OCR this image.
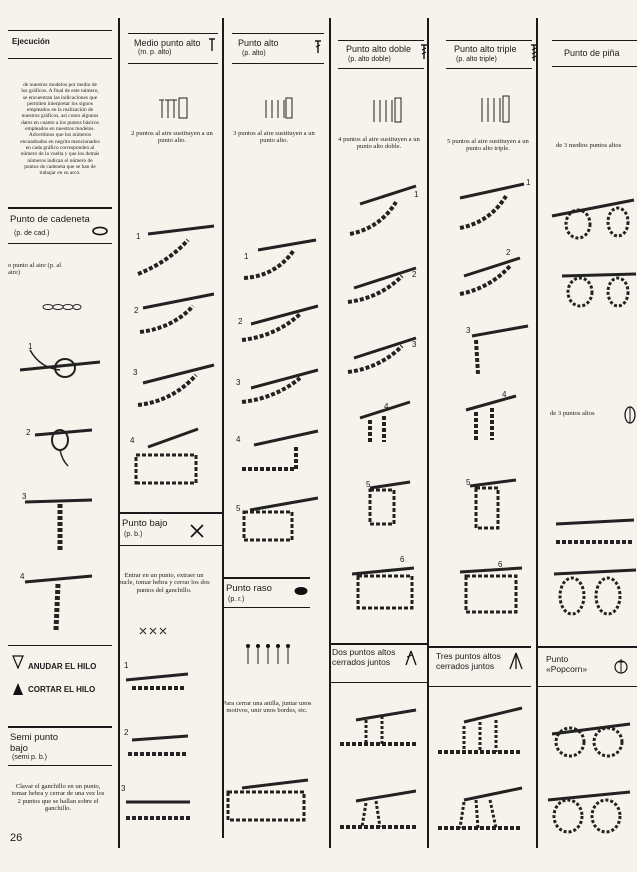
Ejecución
de nuestros modelos por medio de los gráficos. A final de este número, se encuentran las indicaciones que permiten interpretar los signos empleados en la realización de nuestros gráficos, así como algunos datos en cuanto a los puntos básicos empleados en nuestros modelos. Advertimos que los números encuadrados en negrita mencionados en cada gráfico corresponden al número de la vuelta y que los demás números indican el número de puntos de cadeneta que se han de trabajar en su arco.
Punto de cadeneta
(p. de cad.)
o punto al aire (p. al aire)
1
2
3
4
ANUDAR EL HILO
CORTAR EL HILO
Semi punto bajo
(semi p. b.)
Clavar el ganchillo en un punto, tomar hebra y cerrar de una vez los 2 puntos que se hallan sobre el ganchillo.
26
Medio punto alto
(m. p. alto)
2 puntos al aire sustituyen a un punto alto.
1
2
3
4
Punto bajo
(p. b.)
Entrar en un punto, extraer un bucle, tomar hebra y cerrar los dos puntos del ganchillo.
1
2
3
Punto alto
(p. alto)
3 puntos al aire sustituyen a un punto alto.
1
2
3
4
5
Punto raso
(p. r.)
Para cerrar una anilla, juntar unos motivos, unir unos bordes, etc.
Punto alto doble
(p. alto doble)
4 puntos al aire sustituyen a un punto alto doble.
1
2
3
4
5
6
Dos puntos altos cerrados juntos
Punto alto triple
(p. alto triple)
5 puntos al aire sustituyen a un punto alto triple.
1
2
3
4
5
6
Tres puntos altos cerrados juntos
Punto de piña
de 3 medios puntos altos
de 3 puntos altos
Punto «Popcorn»
